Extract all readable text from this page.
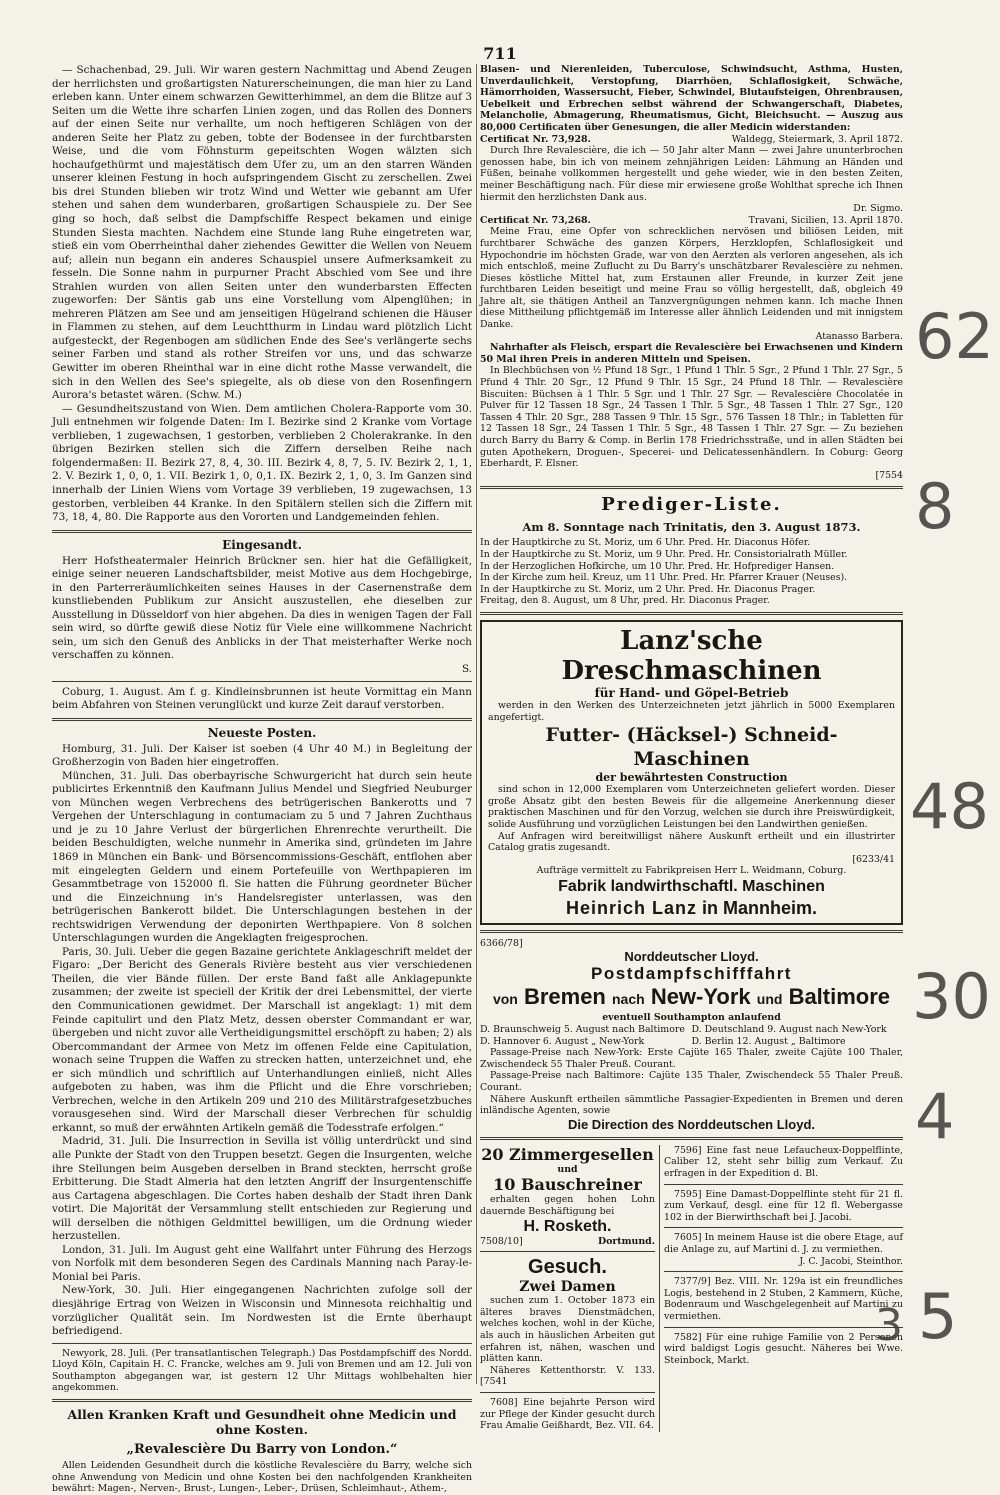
711

— Schachenbad, 29. Juli. Wir waren gestern Nachmittag und Abend Zeugen der herrlichsten und großartigsten Naturerscheinungen, die man hier zu Land erleben kann. Unter einem schwarzen Gewitterhimmel, an dem die Blitze auf 3 Seiten um die Wette ihre scharfen Linien zogen, und das Rollen des Donners auf der einen Seite nur verhallte, um noch heftigeren Schlägen von der anderen Seite her Platz zu geben, tobte der Bodensee in der furchtbarsten Weise, und die vom Föhnsturm gepeitschten Wogen wälzten sich hochaufgethürmt und majestätisch dem Ufer zu, um an den starren Wänden unserer kleinen Festung in hoch aufspringendem Gischt zu zerschellen. Zwei bis drei Stunden blieben wir trotz Wind und Wetter wie gebannt am Ufer stehen und sahen dem wunderbaren, großartigen Schauspiele zu. Der See ging so hoch, daß selbst die Dampfschiffe Respect bekamen und einige Stunden Siesta machten. Nachdem eine Stunde lang Ruhe eingetreten war, stieß ein vom Oberrheinthal daher ziehendes Gewitter die Wellen von Neuem auf; allein nun begann ein anderes Schauspiel unsere Aufmerksamkeit zu fesseln. Die Sonne nahm in purpurner Pracht Abschied vom See und ihre Strahlen wurden von allen Seiten unter den wunderbarsten Effecten zugeworfen: Der Säntis gab uns eine Vorstellung vom Alpenglühen; in mehreren Plätzen am See und am jenseitigen Hügelrand schienen die Häuser in Flammen zu stehen, auf dem Leuchtthurm in Lindau ward plötzlich Licht aufgesteckt, der Regenbogen am südlichen Ende des See's verlängerte sechs seiner Farben und stand als rother Streifen vor uns, und das schwarze Gewitter im oberen Rheinthal war in eine dicht rothe Masse verwandelt, die sich in den Wellen des See's spiegelte, als ob diese von den Rosenfingern Aurora's betastet wären. (Schw. M.)

— Gesundheitszustand von Wien. Dem amtlichen Cholera-Rapporte vom 30. Juli entnehmen wir folgende Daten: Im I. Bezirke sind 2 Kranke vom Vortage verblieben, 1 zugewachsen, 1 gestorben, verblieben 2 Cholerakranke. In den übrigen Bezirken stellen sich die Ziffern derselben Reihe nach folgendermaßen: II. Bezirk 27, 8, 4, 30. III. Bezirk 4, 8, 7, 5. IV. Bezirk 2, 1, 1, 2. V. Bezirk 1, 0, 0, 1. VII. Bezirk 1, 0, 0,1. IX. Bezirk 2, 1, 0, 3. Im Ganzen sind innerhalb der Linien Wiens vom Vortage 39 verblieben, 19 zugewachsen, 13 gestorben, verbleiben 44 Kranke. In den Spitälern stellen sich die Ziffern mit 73, 18, 4, 80. Die Rapporte aus den Vororten und Landgemeinden fehlen.

Eingesandt.

Herr Hofstheatermaler Heinrich Brückner sen. hier hat die Gefälligkeit, einige seiner neueren Landschaftsbilder, meist Motive aus dem Hochgebirge, in den Parterreräumlichkeiten seines Hauses in der Casernenstraße dem kunstliebenden Publikum zur Ansicht auszustellen, ehe dieselben zur Ausstellung in Düsseldorf von hier abgehen. Da dies in wenigen Tagen der Fall sein wird, so dürfte gewiß diese Notiz für Viele eine willkommene Nachricht sein, um sich den Genuß des Anblicks in der That meisterhafter Werke noch verschaffen zu können.

S.

Coburg, 1. August. Am f. g. Kindleinsbrunnen ist heute Vormittag ein Mann beim Abfahren von Steinen verunglückt und kurze Zeit darauf verstorben.

Neueste Posten.

Homburg, 31. Juli. Der Kaiser ist soeben (4 Uhr 40 M.) in Begleitung der Großherzogin von Baden hier eingetroffen.

München, 31. Juli. Das oberbayrische Schwurgericht hat durch sein heute publicirtes Erkenntniß den Kaufmann Julius Mendel und Siegfried Neuburger von München wegen Verbrechens des betrügerischen Bankerotts und 7 Vergehen der Unterschlagung in contumaciam zu 5 und 7 Jahren Zuchthaus und je zu 10 Jahre Verlust der bürgerlichen Ehrenrechte verurtheilt. Die beiden Beschuldigten, welche nunmehr in Amerika sind, gründeten im Jahre 1869 in München ein Bank- und Börsencommissions-Geschäft, entflohen aber mit eingelegten Geldern und einem Portefeuille von Werthpapieren im Gesammtbetrage von 152000 fl. Sie hatten die Führung geordneter Bücher und die Einzeichnung in's Handelsregister unterlassen, was den betrügerischen Bankerott bildet. Die Unterschlagungen bestehen in der rechtswidrigen Verwendung der deponirten Werthpapiere. Von 8 solchen Unterschlagungen wurden die Angeklagten freigesprochen.

Paris, 30. Juli. Ueber die gegen Bazaine gerichtete Anklageschrift meldet der Figaro: „Der Bericht des Generals Rivière besteht aus vier verschiedenen Theilen, die vier Bände füllen. Der erste Band faßt alle Anklagepunkte zusammen; der zweite ist speciell der Kritik der drei Lebensmittel, der vierte den Communicationen gewidmet. Der Marschall ist angeklagt: 1) mit dem Feinde capitulirt und den Platz Metz, dessen oberster Commandant er war, übergeben und nicht zuvor alle Vertheidigungsmittel erschöpft zu haben; 2) als Obercommandant der Armee von Metz im offenen Felde eine Capitulation, wonach seine Truppen die Waffen zu strecken hatten, unterzeichnet und, ehe er sich mündlich und schriftlich auf Unterhandlungen einließ, nicht Alles aufgeboten zu haben, was ihm die Pflicht und die Ehre vorschrieben; Verbrechen, welche in den Artikeln 209 und 210 des Militärstrafgesetzbuches vorausgesehen sind. Wird der Marschall dieser Verbrechen für schuldig erkannt, so muß der erwähnten Artikeln gemäß die Todesstrafe erfolgen.“

Madrid, 31. Juli. Die Insurrection in Sevilla ist völlig unterdrückt und sind alle Punkte der Stadt von den Truppen besetzt. Gegen die Insurgenten, welche ihre Stellungen beim Ausgeben derselben in Brand steckten, herrscht große Erbitterung. Die Stadt Almeria hat den letzten Angriff der Insurgentenschiffe aus Cartagena abgeschlagen. Die Cortes haben deshalb der Stadt ihren Dank votirt. Die Majorität der Versammlung stellt entschieden zur Regierung und will derselben die nöthigen Geldmittel bewilligen, um die Ordnung wieder herzustellen.

London, 31. Juli. Im August geht eine Wallfahrt unter Führung des Herzogs von Norfolk mit dem besonderen Segen des Cardinals Manning nach Paray-le-Monial bei Paris.

New-York, 30. Juli. Hier eingegangenen Nachrichten zufolge soll der diesjährige Ertrag von Weizen in Wisconsin und Minnesota reichhaltig und vorzüglicher Qualität sein. Im Nordwesten ist die Ernte überhaupt befriedigend.

Newyork, 28. Juli. (Per transatlantischen Telegraph.) Das Postdampfschiff des Nordd. Lloyd Köln, Capitain H. C. Francke, welches am 9. Juli von Bremen und am 12. Juli von Southampton abgegangen war, ist gestern 12 Uhr Mittags wohlbehalten hier angekommen.

Allen Kranken Kraft und Gesundheit ohne Medicin und ohne Kosten.
„Revalescière Du Barry von London.“

Allen Leidenden Gesundheit durch die köstliche Revalescière du Barry, welche sich ohne Anwendung von Medicin und ohne Kosten bei den nachfolgenden Krankheiten bewährt: Magen-, Nerven-, Brust-, Lungen-, Leber-, Drüsen, Schleimhaut-, Athem-,

Blasen- und Nierenleiden, Tuberculose, Schwindsucht, Asthma, Husten, Unverdaulichkeit, Verstopfung, Diarrhöen, Schlaflosigkeit, Schwäche, Hämorrhoiden, Wassersucht, Fieber, Schwindel, Blutaufsteigen, Ohrenbrausen, Uebelkeit und Erbrechen selbst während der Schwangerschaft, Diabetes, Melancholie, Abmagerung, Rheumatismus, Gicht, Bleichsucht. — Auszug aus 80,000 Certificaten über Genesungen, die aller Medicin widerstanden:

Certificat Nr. 73,928.	Waldegg, Steiermark, 3. April 1872.

Durch Ihre Revalescière, die ich — 50 Jahr alter Mann — zwei Jahre ununterbrochen genossen habe, bin ich von meinem zehnjährigen Leiden: Lähmung an Händen und Füßen, beinahe vollkommen hergestellt und gehe wieder, wie in den besten Zeiten, meiner Beschäftigung nach. Für diese mir erwiesene große Wohlthat spreche ich Ihnen hiermit den herzlichsten Dank aus.

Dr. Sigmo.

Certificat Nr. 73,268.	Travani, Sicilien, 13. April 1870.

Meine Frau, eine Opfer von schrecklichen nervösen und biliösen Leiden, mit furchtbarer Schwäche des ganzen Körpers, Herzklopfen, Schlaflosigkeit und Hypochondrie im höchsten Grade, war von den Aerzten als verloren angesehen, als ich mich entschloß, meine Zuflucht zu Du Barry's unschätzbarer Revalescière zu nehmen. Dieses köstliche Mittel hat, zum Erstaunen aller Freunde, in kurzer Zeit jene furchtbaren Leiden beseitigt und meine Frau so völlig hergestellt, daß, obgleich 49 Jahre alt, sie thätigen Antheil an Tanzvergnügungen nehmen kann. Ich mache Ihnen diese Mittheilung pflichtgemäß im Interesse aller ähnlich Leidenden und mit innigstem Danke.

Atanasso Barbera.

Nahrhafter als Fleisch, erspart die Revalescière bei Erwachsenen und Kindern 50 Mal ihren Preis in anderen Mitteln und Speisen.

In Blechbüchsen von ½ Pfund 18 Sgr., 1 Pfund 1 Thlr. 5 Sgr., 2 Pfund 1 Thlr. 27 Sgr., 5 Pfund 4 Thlr. 20 Sgr., 12 Pfund 9 Thlr. 15 Sgr., 24 Pfund 18 Thlr. — Revalescière Biscuiten: Büchsen à 1 Thlr. 5 Sgr. und 1 Thlr. 27 Sgr. — Revalescière Chocolatée in Pulver für 12 Tassen 18 Sgr., 24 Tassen 1 Thlr. 5 Sgr., 48 Tassen 1 Thlr. 27 Sgr., 120 Tassen 4 Thlr. 20 Sgr., 288 Tassen 9 Thlr. 15 Sgr., 576 Tassen 18 Thlr.; in Tabletten für 12 Tassen 18 Sgr., 24 Tassen 1 Thlr. 5 Sgr., 48 Tassen 1 Thlr. 27 Sgr. — Zu beziehen durch Barry du Barry & Comp. in Berlin 178 Friedrichsstraße, und in allen Städten bei guten Apothekern, Droguen-, Specerei- und Delicatessenhändlern. In Coburg: Georg Eberhardt, F. Elsner.

[7554

Prediger-Liste.
Am 8. Sonntage nach Trinitatis, den 3. August 1873.

In der Hauptkirche zu St. Moriz, um 6 Uhr. Pred. Hr. Diaconus Höfer.

In der Hauptkirche zu St. Moriz, um 9 Uhr. Pred. Hr. Consistorialrath Müller.

In der Herzoglichen Hofkirche, um 10 Uhr. Pred. Hr. Hofprediger Hansen.

In der Kirche zum heil. Kreuz, um 11 Uhr. Pred. Hr. Pfarrer Krauer (Neuses).

In der Hauptkirche zu St. Moriz, um 2 Uhr. Pred. Hr. Diaconus Prager.

Freitag, den 8. August, um 8 Uhr, pred. Hr. Diaconus Prager.

Lanz'sche Dreschmaschinen
für Hand- und Göpel-Betrieb

werden in den Werken des Unterzeichneten jetzt jährlich in 5000 Exemplaren angefertigt.

Futter- (Häcksel-) Schneid-Maschinen
der bewährtesten Construction

sind schon in 12,000 Exemplaren vom Unterzeichneten geliefert worden. Dieser große Absatz gibt den besten Beweis für die allgemeine Anerkennung dieser praktischen Maschinen und für den Vorzug, welchen sie durch ihre Preiswürdigkeit, solide Ausführung und vorzüglichen Leistungen bei den Landwirthen genießen.

Auf Anfragen wird bereitwilligst nähere Auskunft ertheilt und ein illustrirter Catalog gratis zugesandt.

[6233/41

Aufträge vermittelt zu Fabrikpreisen Herr L. Weidmann, Coburg.

Fabrik landwirthschaftl. Maschinen
Heinrich Lanz in Mannheim.
6366/78]
Norddeutscher Lloyd.
Postdampfschifffahrt
von Bremen nach New-York und Baltimore
eventuell Southampton anlaufend
D. Braunschweig 5. August nach Baltimore D. Deutschland 9. August nach New-York
D. Hannover 6. August „ New-York	D. Berlin 12. August „ Baltimore

Passage-Preise nach New-York: Erste Cajüte 165 Thaler, zweite Cajüte 100 Thaler, Zwischendeck 55 Thaler Preuß. Courant.

Passage-Preise nach Baltimore: Cajüte 135 Thaler, Zwischendeck 55 Thaler Preuß. Courant.

Nähere Auskunft ertheilen sämmtliche Passagier-Expedienten in Bremen und deren inländische Agenten, sowie

Die Direction des Norddeutschen Lloyd.
20 Zimmergesellen
und
10 Bauschreiner

erhalten gegen hohen Lohn dauernde Beschäftigung bei

H. Rosketh.
7508/10]	Dortmund.
Gesuch.
Zwei Damen

suchen zum 1. October 1873 ein älteres braves Dienstmädchen, welches kochen, wohl in der Küche, als auch in häuslichen Arbeiten gut erfahren ist, nähen, waschen und plätten kann.

Näheres Kettenthorstr. V. 133. [7541

7608] Eine bejahrte Person wird zur Pflege der Kinder gesucht durch Frau Amalie Geißhardt, Bez. VII. 64.

7596] Eine fast neue Lefaucheux-Doppelflinte, Caliber 12, steht sehr billig zum Verkauf. Zu erfragen in der Expedition d. Bl.

7595] Eine Damast-Doppelflinte steht für 21 fl. zum Verkauf, desgl. eine für 12 fl. Webergasse 102 in der Bierwirthschaft bei J. Jacobi.

7605] In meinem Hause ist die obere Etage, auf die Anlage zu, auf Martini d. J. zu vermiethen.

J. C. Jacobi, Steinthor.

7377/9] Bez. VIII. Nr. 129a ist ein freundliches Logis, bestehend in 2 Stuben, 2 Kammern, Küche, Bodenraum und Waschgelegenheit auf Martini zu vermiethen.

7582] Für eine ruhige Familie von 2 Personen wird baldigst Logis gesucht. Näheres bei Wwe. Steinbock, Markt.

62
8
48
30
4
5
3
